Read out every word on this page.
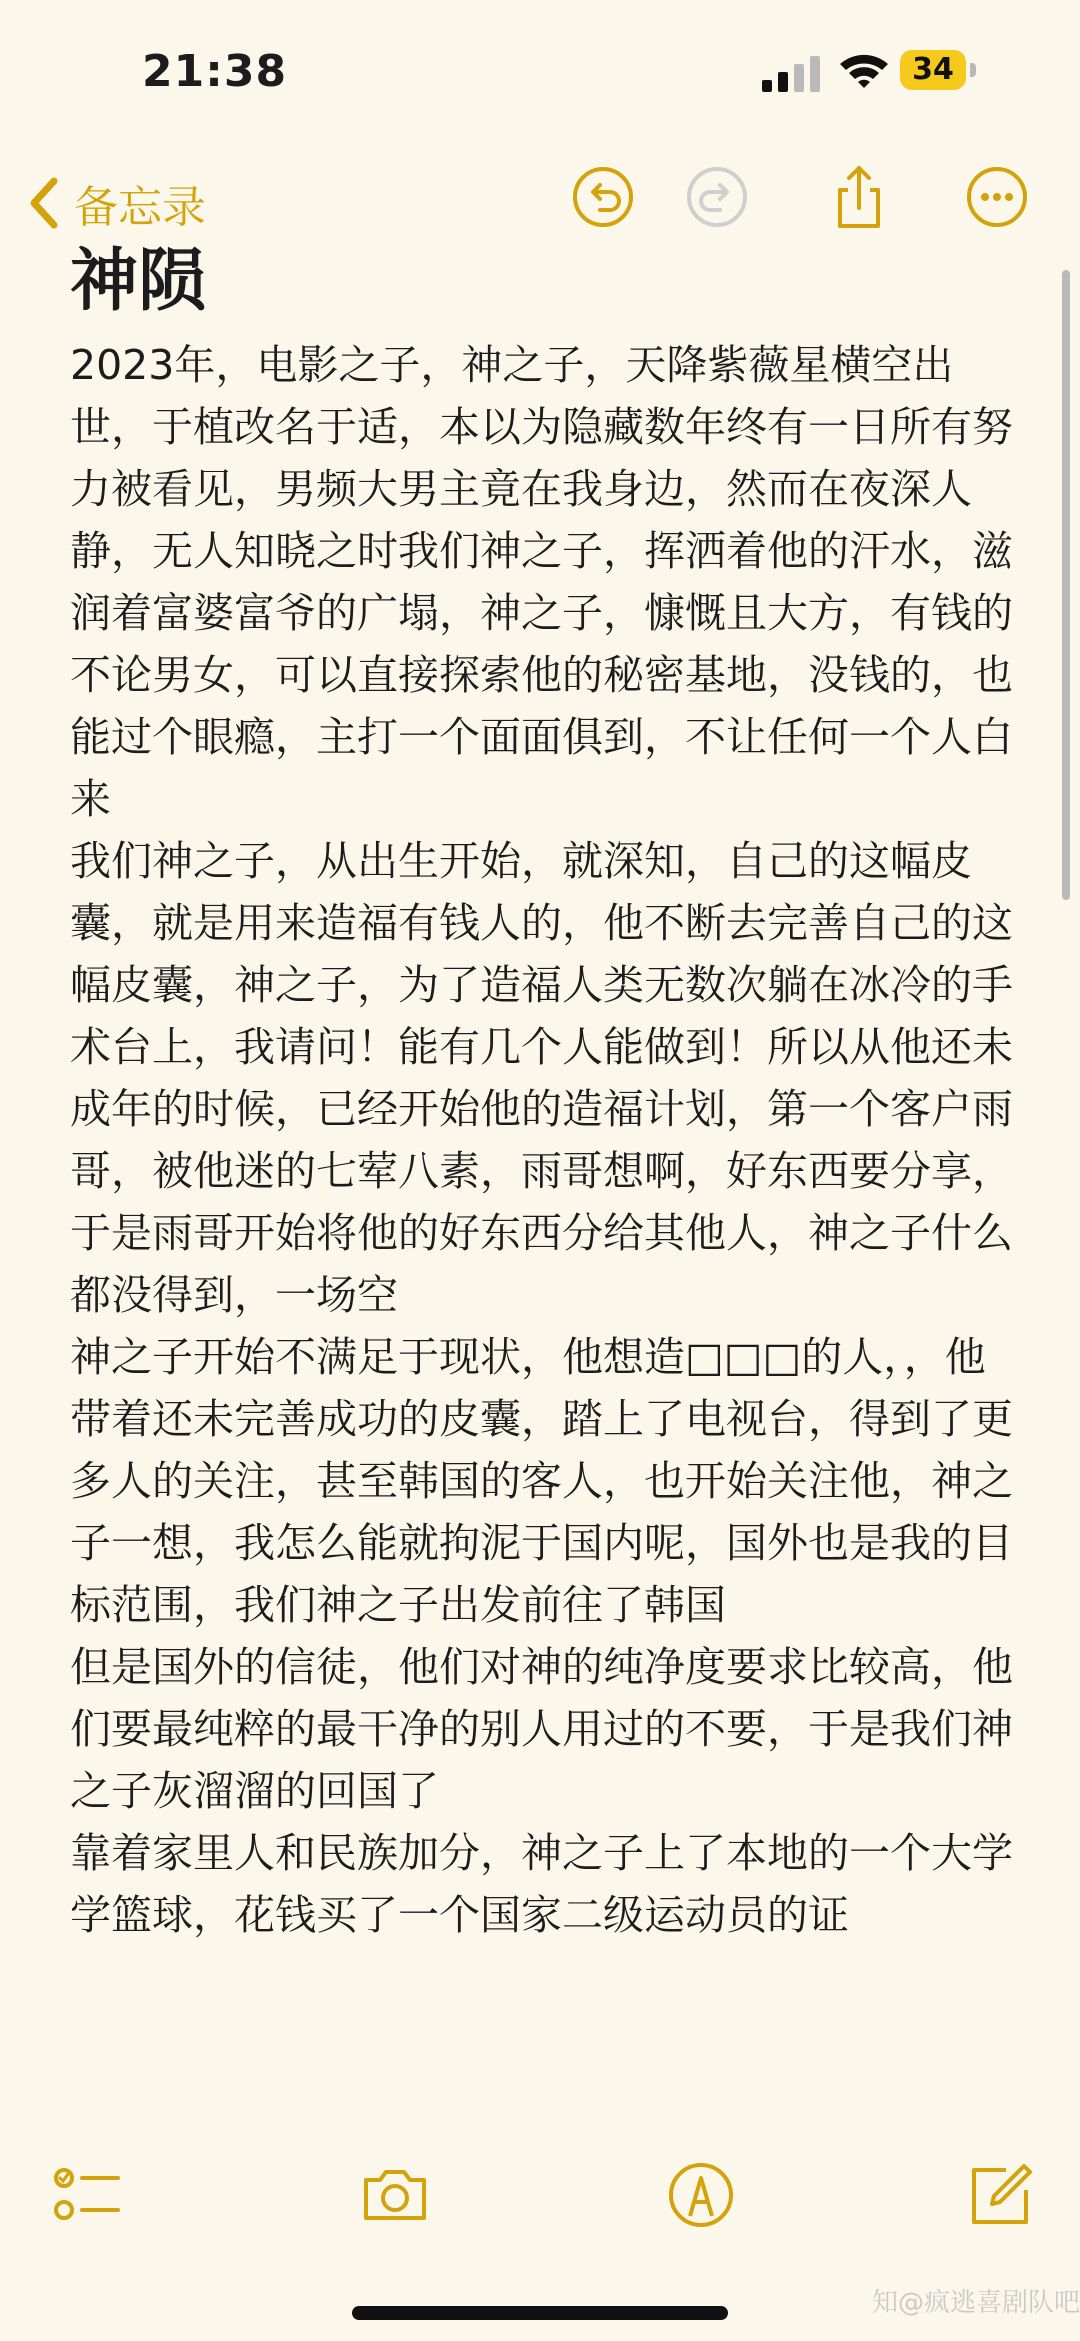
21:38	34
备忘录
神陨

2023年，电影之子，神之子，天降紫薇星横空出世，于植改名于适，本以为隐藏数年终有一日所有努力被看见，男频大男主竟在我身边，然而在夜深人静，无人知晓之时我们神之子，挥洒着他的汗水，滋润着富婆富爷的广塌，神之子，慷慨且大方，有钱的不论男女，可以直接探索他的秘密基地，没钱的，也能过个眼瘾，主打一个面面俱到，不让任何一个人白来

我们神之子，从出生开始，就深知，自己的这幅皮囊，就是用来造福有钱人的，他不断去完善自己的这幅皮囊，神之子，为了造福人类无数次躺在冰冷的手术台上，我请问！能有几个人能做到！所以从他还未成年的时候，已经开始他的造福计划，第一个客户雨哥，被他迷的七荤八素，雨哥想啊，好东西要分享，于是雨哥开始将他的好东西分给其他人，神之子什么都没得到，一场空

神之子开始不满足于现状，他想造□□□的人，，他带着还未完善成功的皮囊，踏上了电视台，得到了更多人的关注，甚至韩国的客人，也开始关注他，神之子一想，我怎么能就拘泥于国内呢，国外也是我的目标范围，我们神之子出发前往了韩国

但是国外的信徒，他们对神的纯净度要求比较高，他们要最纯粹的最干净的别人用过的不要，于是我们神之子灰溜溜的回国了

靠着家里人和民族加分，神之子上了本地的一个大学学篮球，花钱买了一个国家二级运动员的证

知@疯逃喜剧队吧
